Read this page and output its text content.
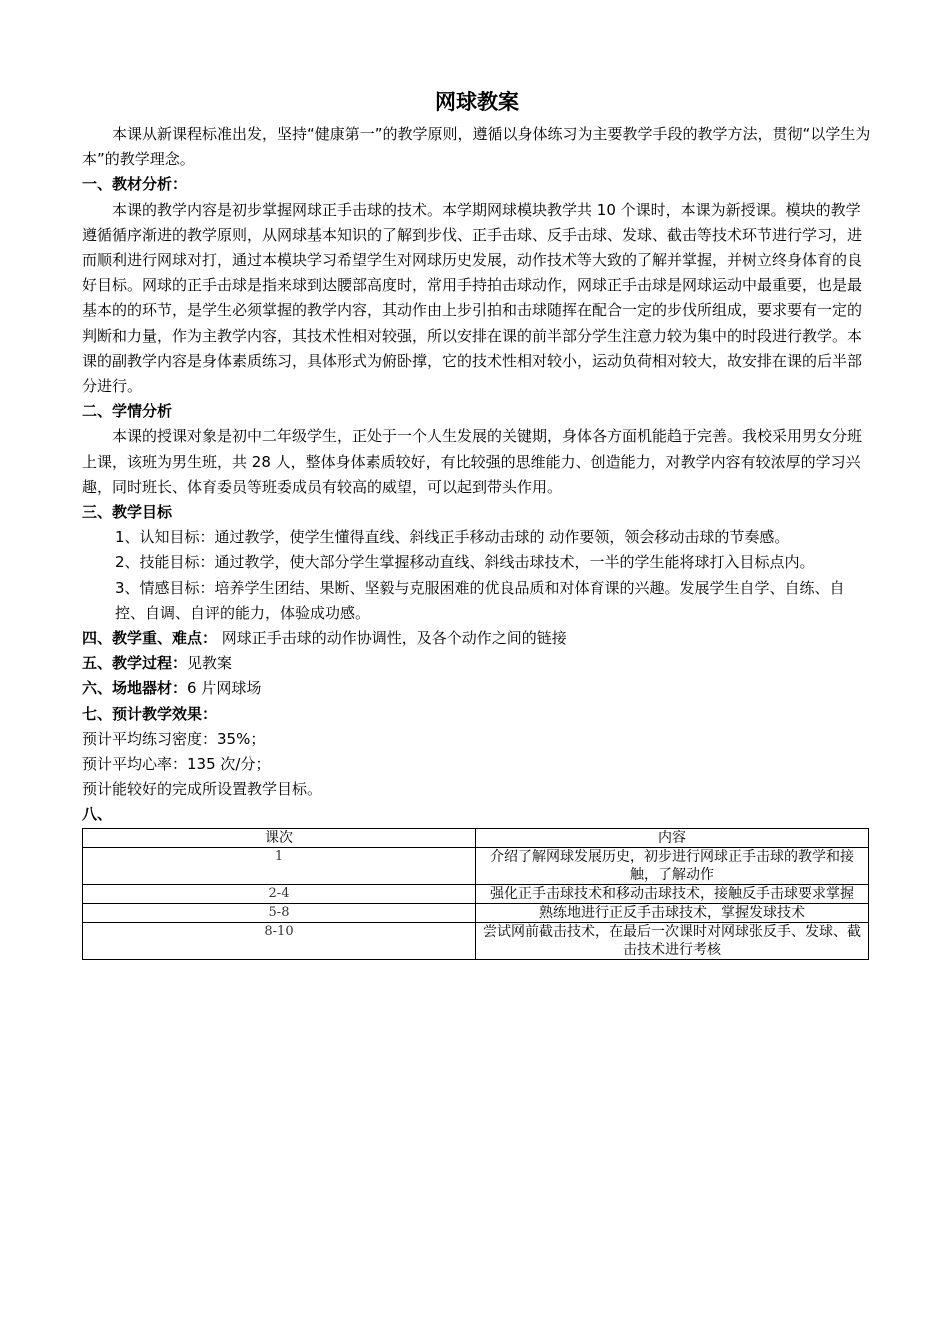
网球教案

本课从新课程标准出发，坚持“健康第一”的教学原则，遵循以身体练习为主要教学手段的教学方法，贯彻“以学生为本”的教学理念。

一、教材分析：

本课的教学内容是初步掌握网球正手击球的技术。本学期网球模块教学共 10 个课时，本课为新授课。模块的教学遵循循序渐进的教学原则，从网球基本知识的了解到步伐、正手击球、反手击球、发球、截击等技术环节进行学习，进而顺利进行网球对打，通过本模块学习希望学生对网球历史发展，动作技术等大致的了解并掌握，并树立终身体育的良好目标。网球的正手击球是指来球到达腰部高度时，常用手持拍击球动作，网球正手击球是网球运动中最重要，也是最基本的的环节，是学生必须掌握的教学内容，其动作由上步引拍和击球随挥在配合一定的步伐所组成，要求要有一定的判断和力量，作为主教学内容，其技术性相对较强，所以安排在课的前半部分学生注意力较为集中的时段进行教学。本课的副教学内容是身体素质练习，具体形式为俯卧撑，它的技术性相对较小，运动负荷相对较大，故安排在课的后半部分进行。

二、学情分析

本课的授课对象是初中二年级学生，正处于一个人生发展的关键期，身体各方面机能趋于完善。我校采用男女分班上课，该班为男生班，共 28 人，整体身体素质较好，有比较强的思维能力、创造能力，对教学内容有较浓厚的学习兴趣，同时班长、体育委员等班委成员有较高的威望，可以起到带头作用。

三、教学目标

1、认知目标：通过教学，使学生懂得直线、斜线正手移动击球的 动作要领，领会移动击球的节奏感。

2、技能目标：通过教学，使大部分学生掌握移动直线、斜线击球技术，一半的学生能将球打入目标点内。

3、情感目标：培养学生团结、果断、坚毅与克服困难的优良品质和对体育课的兴趣。发展学生自学、自练、自控、自调、自评的能力，体验成功感。

四、教学重、难点： 网球正手击球的动作协调性，及各个动作之间的链接

五、教学过程：见教案

六、场地器材：6 片网球场

七、预计教学效果：

预计平均练习密度：35%；

预计平均心率：135 次/分；

预计能较好的完成所设置教学目标。

八、

课次	内容
1	介绍了解网球发展历史，初步进行网球正手击球的教学和接触，了解动作
2-4	强化正手击球技术和移动击球技术，接触反手击球要求掌握
5-8	熟练地进行正反手击球技术，掌握发球技术
8-10	尝试网前截击技术，在最后一次课时对网球张反手、发球、截击技术进行考核
